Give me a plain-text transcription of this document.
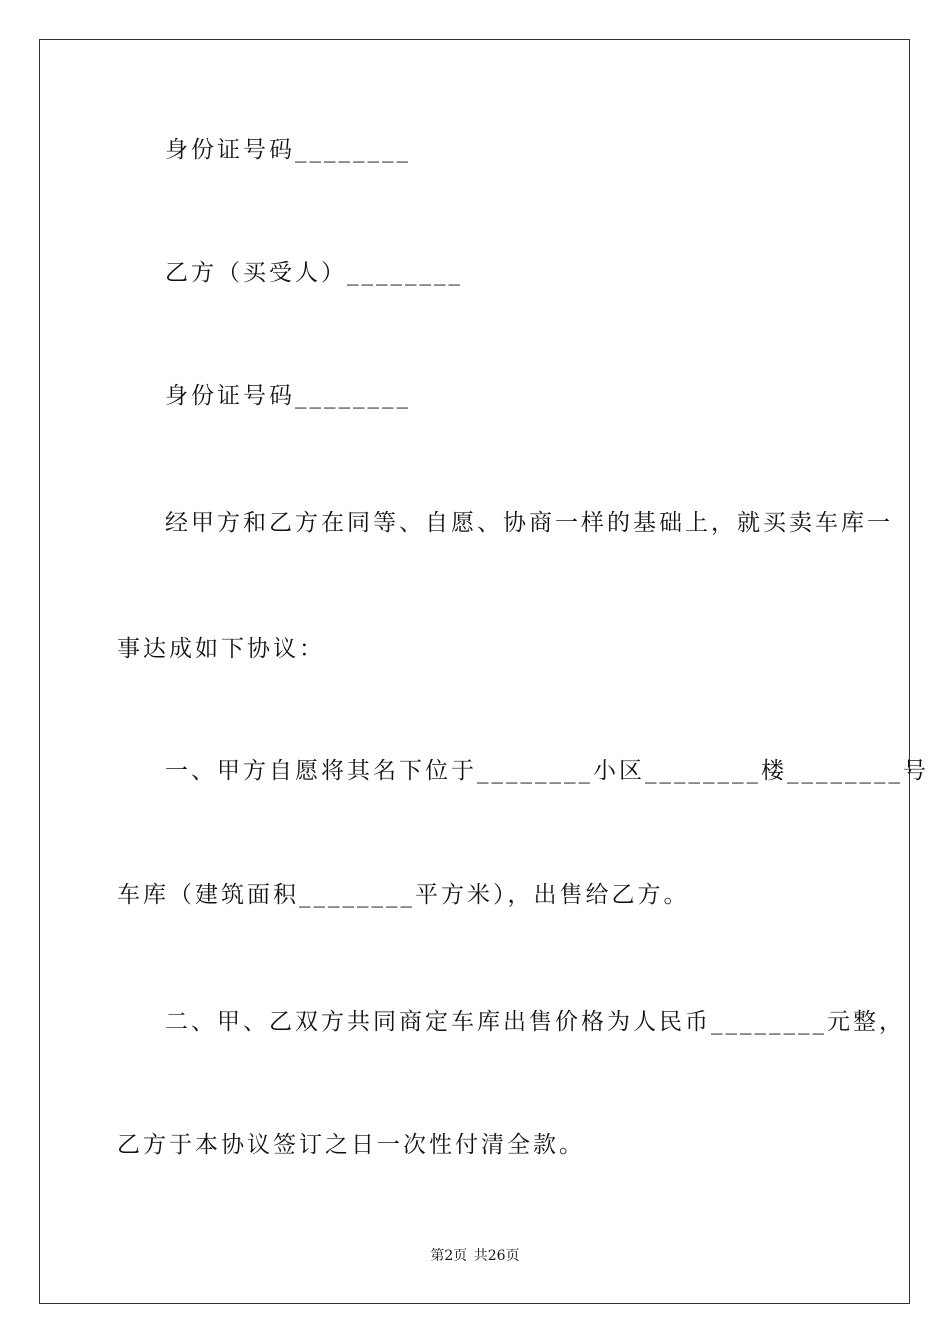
身份证号码________
乙方（买受人）________
身份证号码________
经甲方和乙方在同等、自愿、协商一样的基础上，就买卖车库一
事达成如下协议：
一、甲方自愿将其名下位于________小区________楼________号
车库（建筑面积________平方米），出售给乙方。
二、甲、乙双方共同商定车库出售价格为人民币________元整，
乙方于本协议签订之日一次性付清全款。
第2页 共26页
